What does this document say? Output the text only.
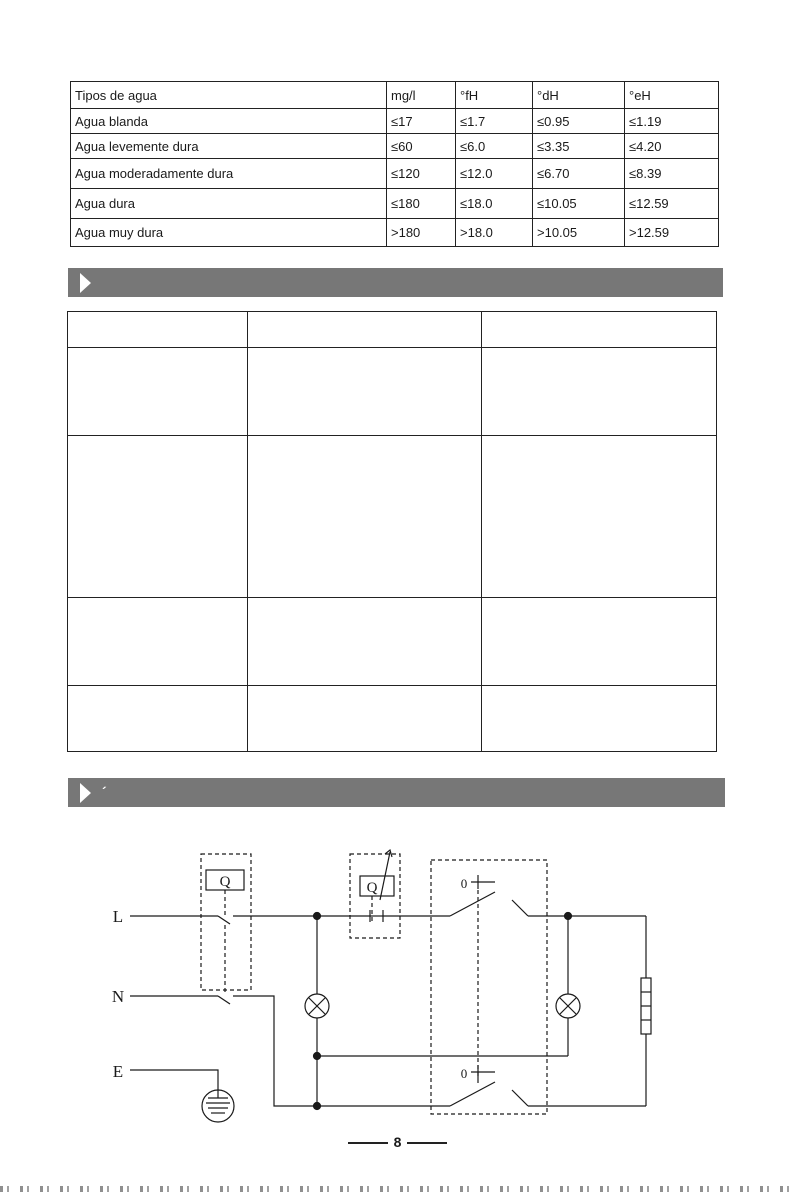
Tipos de agua	mg/l	°fH	°dH	°eH
Agua blanda	≤17	≤1.7	≤0.95	≤1.19
Agua levemente dura	≤60	≤6.0	≤3.35	≤4.20
Agua moderadamente dura	≤120	≤12.0	≤6.70	≤8.39
Agua dura	≤180	≤18.0	≤10.05	≤12.59
Agua muy dura	>180	>18.0	>10.05	>12.59

´
Q
L
N
E
Q	0
0
8
